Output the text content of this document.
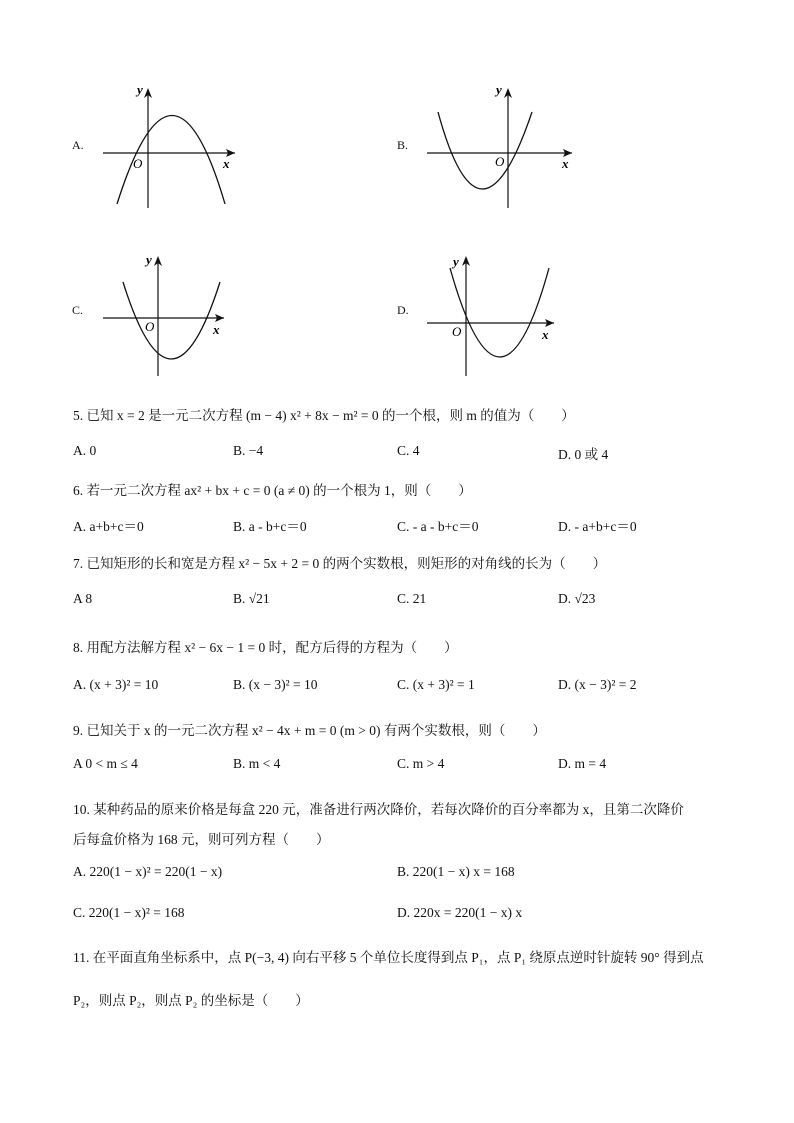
A.
y
O	x
B.
y
O	x
C.
y
O	x
D.
y
O	x
5. 已知 x = 2 是一元二次方程 (m − 4) x² + 8x − m² = 0 的一个根，则 m 的值为（　　）
A. 0	B. −4	C. 4	D. 0 或 4
6. 若一元二次方程 ax² + bx + c = 0 (a ≠ 0) 的一个根为 1，则（　　）
A. a+b+c＝0	B. a - b+c＝0	C. - a - b+c＝0	D. - a+b+c＝0
7. 已知矩形的长和宽是方程 x² − 5x + 2 = 0 的两个实数根，则矩形的对角线的长为（　　）
A 8	B. √21	C. 21	D. √23
8. 用配方法解方程 x² − 6x − 1 = 0 时，配方后得的方程为（　　）
A. (x + 3)² = 10	B. (x − 3)² = 10	C. (x + 3)² = 1	D. (x − 3)² = 2
9. 已知关于 x 的一元二次方程 x² − 4x + m = 0 (m > 0) 有两个实数根，则（　　）
A 0 < m ≤ 4	B. m < 4	C. m > 4	D. m = 4
10. 某种药品的原来价格是每盒 220 元，准备进行两次降价，若每次降价的百分率都为 x，且第二次降价
后每盒价格为 168 元，则可列方程（　　）
A. 220(1 − x)² = 220(1 − x)	B. 220(1 − x) x = 168
C. 220(1 − x)² = 168	D. 220x = 220(1 − x) x
11. 在平面直角坐标系中，点 P(−3, 4) 向右平移 5 个单位长度得到点 P₁，点 P₁ 绕原点逆时针旋转 90° 得到点
P₂，则点 P₂，则点 P₂ 的坐标是（　　）
